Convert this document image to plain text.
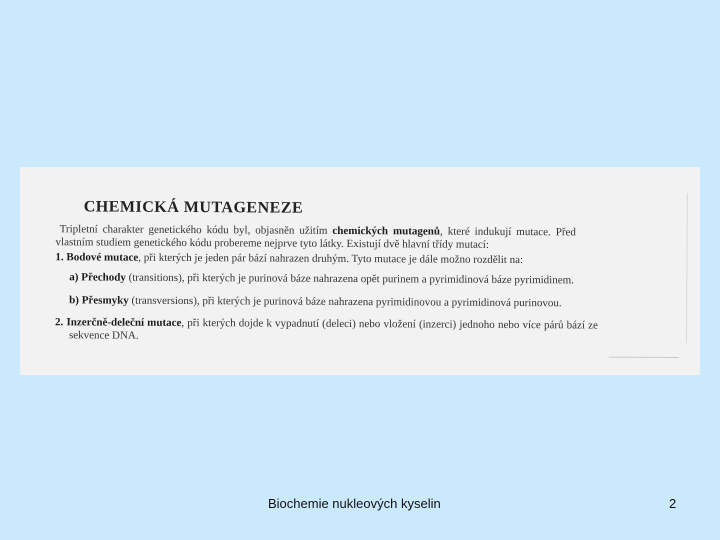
CHEMICKÁ MUTAGENEZE
Tripletní charakter genetického kódu byl, objasněn užitím chemických mutagenů, které indukují mutace. Před
vlastním studiem genetického kódu probereme nejprve tyto látky. Existují dvě hlavní třídy mutací:
1. Bodové mutace, při kterých je jeden pár bází nahrazen druhým. Tyto mutace je dále možno rozdělit na:
a) Přechody (transitions), při kterých je purinová báze nahrazena opět purinem a pyrimidinová báze pyrimidinem.
b) Přesmyky (transversions), při kterých je purinová báze nahrazena pyrimidinovou a pyrimidinová purinovou.
2. Inzerčně-deleční mutace, při kterých dojde k vypadnutí (deleci) nebo vložení (inzerci) jednoho nebo více párů bází ze
sekvence DNA.
Biochemie nukleových kyselin	2
